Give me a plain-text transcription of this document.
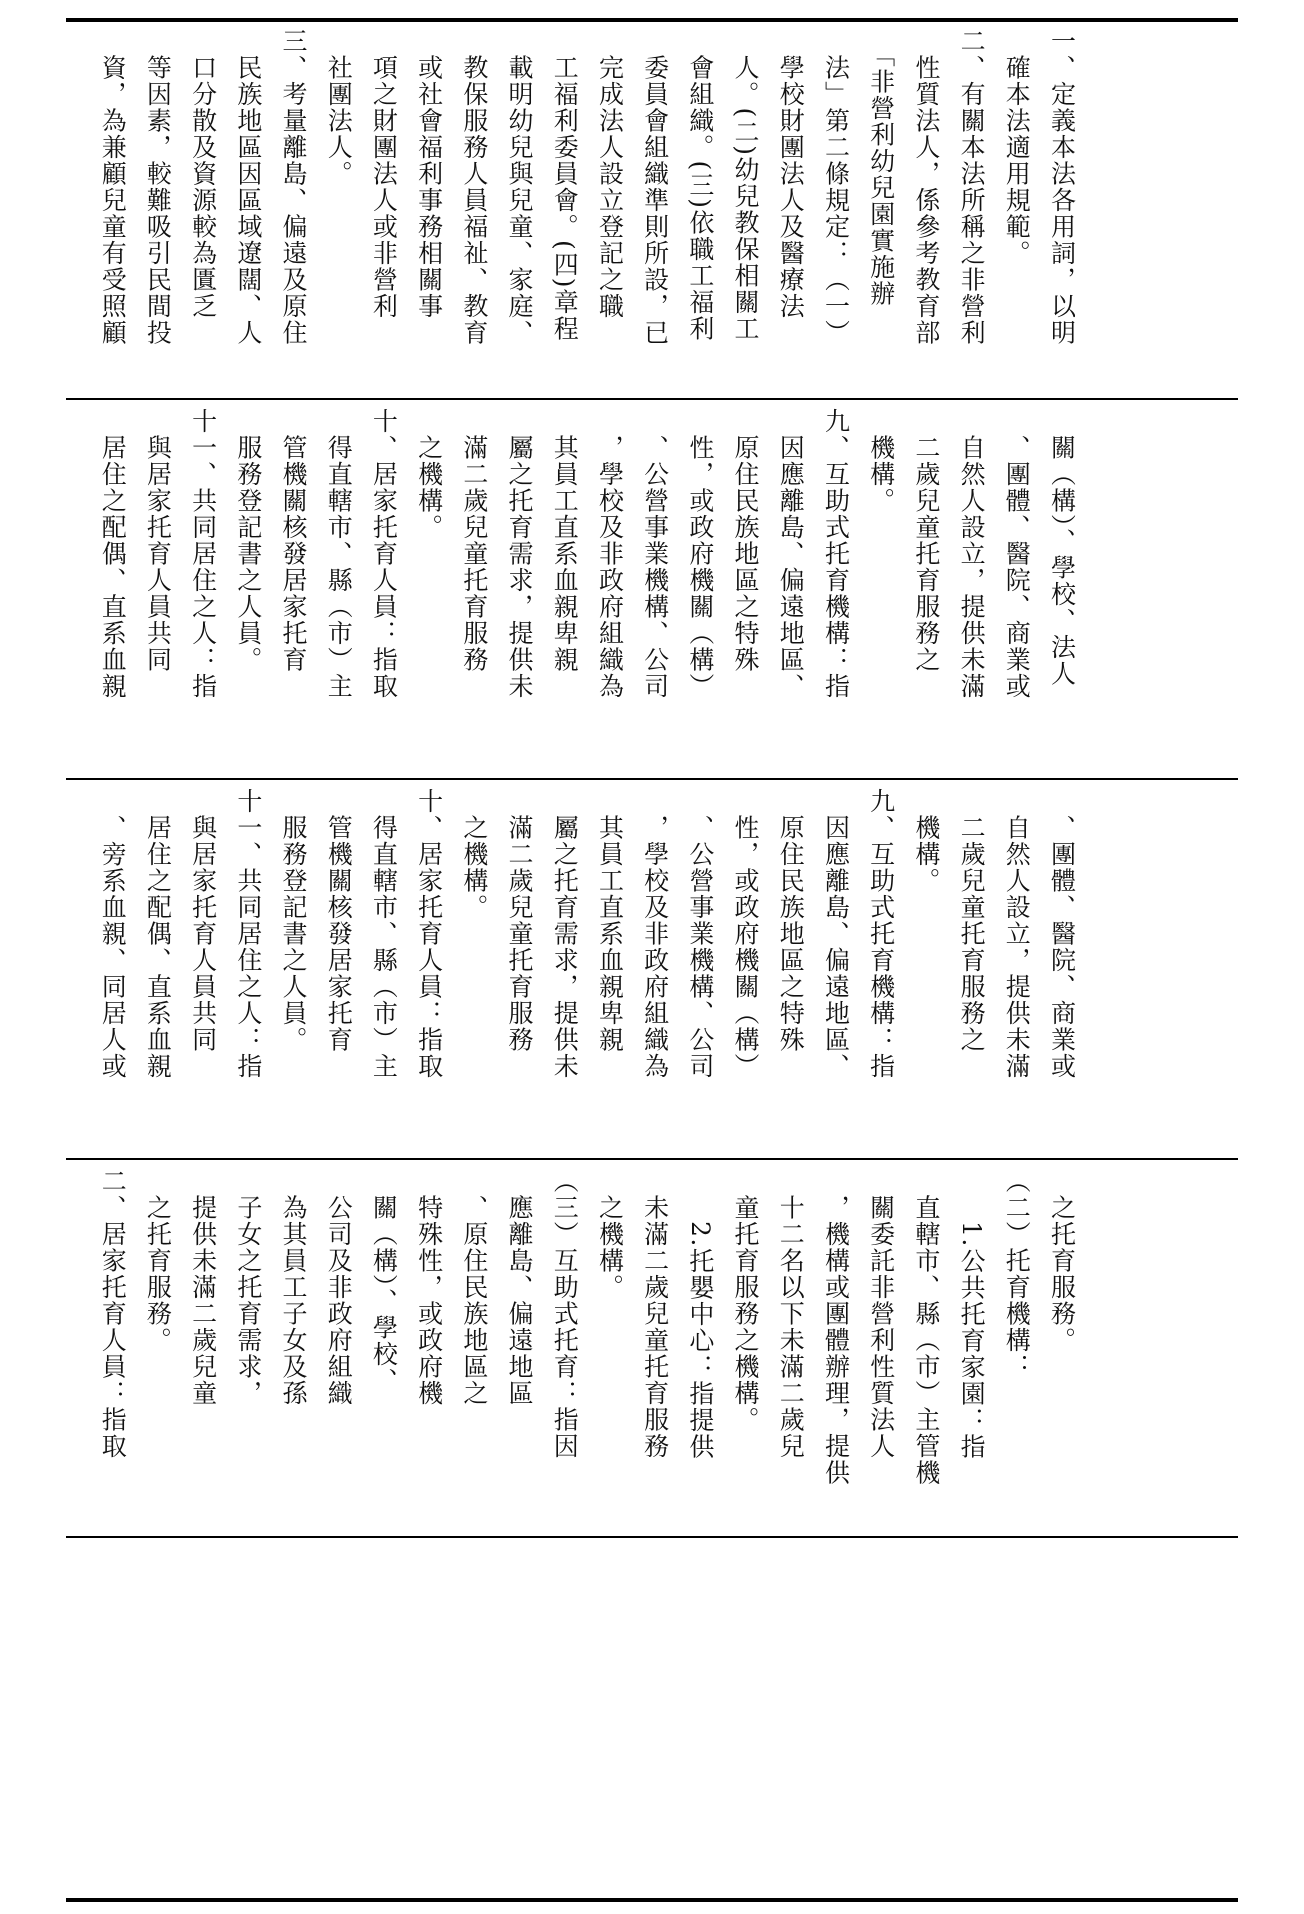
一、定義本法各用詞，以明
　確本法適用規範。
二、有關本法所稱之非營利
　性質法人，係參考教育部
　「非營利幼兒園實施辦
　法」第二條規定：（一）
　學校財團法人及醫療法
　人。(二)幼兒教保相關工
　會組織。(三)依職工福利
　委員會組織準則所設，已
　完成法人設立登記之職
　工福利委員會。(四)章程
　載明幼兒與兒童、家庭、
　教保服務人員福祉、教育
　或社會福利事務相關事
　項之財團法人或非營利
　社團法人。
三、考量離島、偏遠及原住
　民族地區因區域遼闊、人
　口分散及資源較為匱乏
　等因素，較難吸引民間投
　資，為兼顧兒童有受照顧
　關（構）、學校、法人
　、團體、醫院、商業或
　自然人設立，提供未滿
　二歲兒童托育服務之
　機構。
九、互助式托育機構：指
　因應離島、偏遠地區、
　原住民族地區之特殊
　性，或政府機關（構）
　、公營事業機構、公司
　，學校及非政府組織為
　其員工直系血親卑親
　屬之托育需求，提供未
　滿二歲兒童托育服務
　之機構。
十、居家托育人員：指取
　得直轄市、縣（市）主
　管機關核發居家托育
　服務登記書之人員。
十一、共同居住之人：指
　與居家托育人員共同
　居住之配偶、直系血親
　、團體、醫院、商業或
　自然人設立，提供未滿
　二歲兒童托育服務之
　機構。
九、互助式托育機構：指
　因應離島、偏遠地區、
　原住民族地區之特殊
　性，或政府機關（構）
　、公營事業機構、公司
　，學校及非政府組織為
　其員工直系血親卑親
　屬之托育需求，提供未
　滿二歲兒童托育服務
　之機構。
十、居家托育人員：指取
　得直轄市、縣（市）主
　管機關核發居家托育
　服務登記書之人員。
十一、共同居住之人：指
　與居家托育人員共同
　居住之配偶、直系血親
　、旁系血親、同居人或
　之托育服務。
（二）托育機構：
　　1.公共托育家園：指
　直轄市、縣（市）主管機
　關委託非營利性質法人
　，機構或團體辦理，提供
　十二名以下未滿二歲兒
　童托育服務之機構。
　　2.托嬰中心：指提供
　未滿二歲兒童托育服務
　之機構。
（三）互助式托育：指因
　應離島、偏遠地區
　、原住民族地區之
　特殊性，或政府機
　關（構）、學校、
　公司及非政府組織
　為其員工子女及孫
　子女之托育需求，
　提供未滿二歲兒童
　之托育服務。
二、居家托育人員：指取
